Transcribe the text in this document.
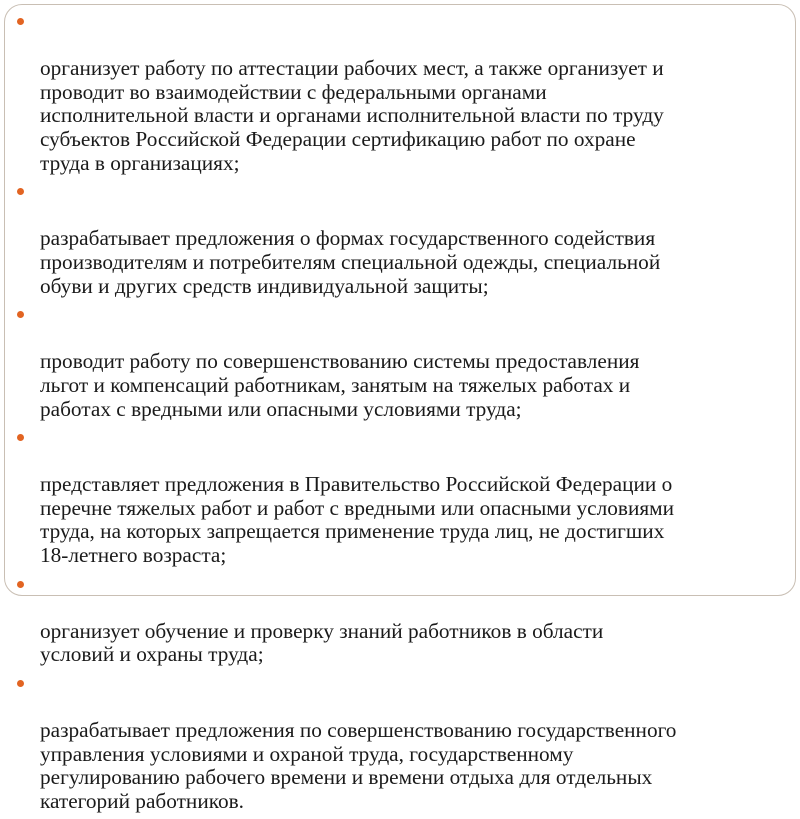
организует работу по аттестации рабочих мест, а также организует и
проводит во взаимодействии с федеральными органами
исполнительной власти и органами исполнительной власти по труду
субъектов Российской Федерации сертификацию работ по охране
труда в организациях;

разрабатывает предложения о формах государственного содействия
производителям и потребителям специальной одежды, специальной
обуви и других средств индивидуальной защиты;

проводит работу по совершенствованию системы предоставления
льгот и компенсаций работникам, занятым на тяжелых работах и
работах с вредными или опасными условиями труда;

представляет предложения в Правительство Российской Федерации о
перечне тяжелых работ и работ с вредными или опасными условиями
труда, на которых запрещается применение труда лиц, не достигших
18-летнего возраста;

организует обучение и проверку знаний работников в области
условий и охраны труда;

разрабатывает предложения по совершенствованию государственного
управления условиями и охраной труда, государственному
регулированию рабочего времени и времени отдыха для отдельных
категорий работников.
